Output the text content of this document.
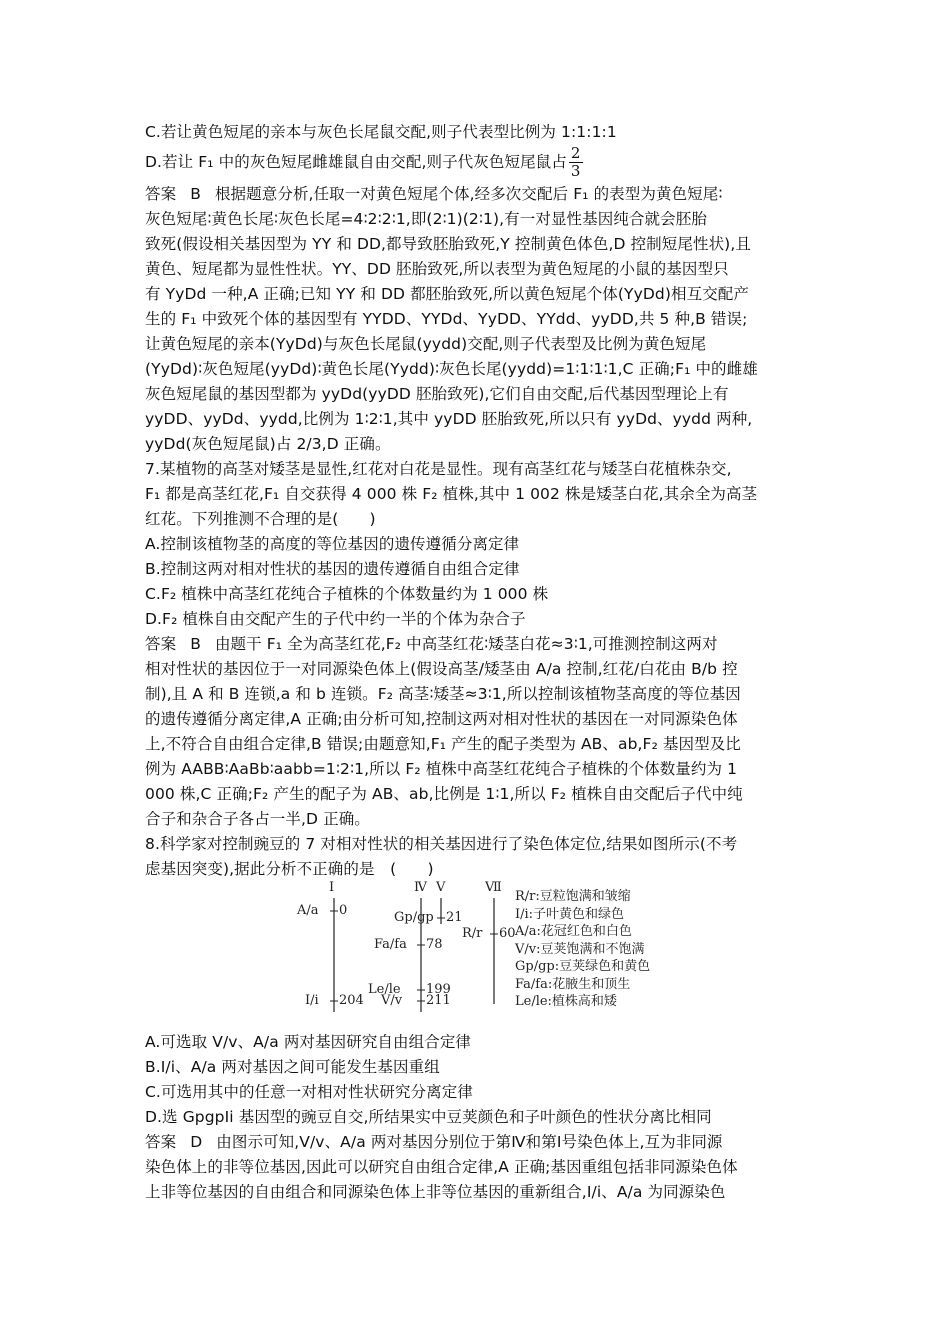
C.若让黄色短尾的亲本与灰色长尾鼠交配,则子代表型比例为 1:1:1:1
D.若让 F₁ 中的灰色短尾雌雄鼠自由交配,则子代灰色短尾鼠占 $\frac{2}{3}$
答案 B 根据题意分析,任取一对黄色短尾个体,经多次交配后 F₁ 的表型为黄色短尾∶
灰色短尾∶黄色长尾∶灰色长尾=4∶2∶2∶1,即(2∶1)(2∶1),有一对显性基因纯合就会胚胎
致死(假设相关基因型为 YY 和 DD,都导致胚胎致死,Y 控制黄色体色,D 控制短尾性状),且
黄色、短尾都为显性性状。YY、DD 胚胎致死,所以表型为黄色短尾的小鼠的基因型只
有 YyDd 一种,A 正确;已知 YY 和 DD 都胚胎致死,所以黄色短尾个体(YyDd)相互交配产
生的 F₁ 中致死个体的基因型有 YYDD、YYDd、YyDD、YYdd、yyDD,共 5 种,B 错误;
让黄色短尾的亲本(YyDd)与灰色长尾鼠(yydd)交配,则子代表型及比例为黄色短尾
(YyDd)∶灰色短尾(yyDd)∶黄色长尾(Yydd)∶灰色长尾(yydd)=1∶1∶1∶1,C 正确;F₁ 中的雌雄
灰色短尾鼠的基因型都为 yyDd(yyDD 胚胎致死),它们自由交配,后代基因型理论上有
yyDD、yyDd、yydd,比例为 1∶2∶1,其中 yyDD 胚胎致死,所以只有 yyDd、yydd 两种,
yyDd(灰色短尾鼠)占 2/3,D 正确。
7.某植物的高茎对矮茎是显性,红花对白花是显性。现有高茎红花与矮茎白花植株杂交,
F₁ 都是高茎红花,F₁ 自交获得 4 000 株 F₂ 植株,其中 1 002 株是矮茎白花,其余全为高茎
红花。下列推测不合理的是(　　)
A.控制该植物茎的高度的等位基因的遗传遵循分离定律
B.控制这两对相对性状的基因的遗传遵循自由组合定律
C.F₂ 植株中高茎红花纯合子植株的个体数量约为 1 000 株
D.F₂ 植株自由交配产生的子代中约一半的个体为杂合子
答案 B 由题干 F₁ 全为高茎红花,F₂ 中高茎红花∶矮茎白花≈3∶1,可推测控制这两对
相对性状的基因位于一对同源染色体上(假设高茎/矮茎由 A/a 控制,红花/白花由 B/b 控
制),且 A 和 B 连锁,a 和 b 连锁。F₂ 高茎∶矮茎≈3∶1,所以控制该植物茎高度的等位基因
的遗传遵循分离定律,A 正确;由分析可知,控制这两对相对性状的基因在一对同源染色体
上,不符合自由组合定律,B 错误;由题意知,F₁ 产生的配子类型为 AB、ab,F₂ 基因型及比
例为 AABB∶AaBb∶aabb=1∶2∶1,所以 F₂ 植株中高茎红花纯合子植株的个体数量约为 1
000 株,C 正确;F₂ 产生的配子为 AB、ab,比例是 1∶1,所以 F₂ 植株自由交配后子代中纯
合子和杂合子各占一半,D 正确。
8.科学家对控制豌豆的 7 对相对性状的相关基因进行了染色体定位,结果如图所示(不考
虑基因突变),据此分析不正确的是　(　　)
Ⅰ	Ⅳ Ⅴ	Ⅶ
A/a 0
I/i 204
Fa/fa 78
Le/le 199
V/v 211
Gp/gp 21
R/r 60
R/r:豆粒饱满和皱缩
I/i:子叶黄色和绿色
A/a:花冠红色和白色
V/v:豆荚饱满和不饱满
Gp/gp:豆荚绿色和黄色
Fa/fa:花腋生和顶生
Le/le:植株高和矮
A.可选取 V/v、A/a 两对基因研究自由组合定律
B.I/i、A/a 两对基因之间可能发生基因重组
C.可选用其中的任意一对相对性状研究分离定律
D.选 GpgpIi 基因型的豌豆自交,所结果实中豆荚颜色和子叶颜色的性状分离比相同
答案 D 由图示可知,V/v、A/a 两对基因分别位于第Ⅳ和第Ⅰ号染色体上,互为非同源
染色体上的非等位基因,因此可以研究自由组合定律,A 正确;基因重组包括非同源染色体
上非等位基因的自由组合和同源染色体上非等位基因的重新组合,I/i、A/a 为同源染色
